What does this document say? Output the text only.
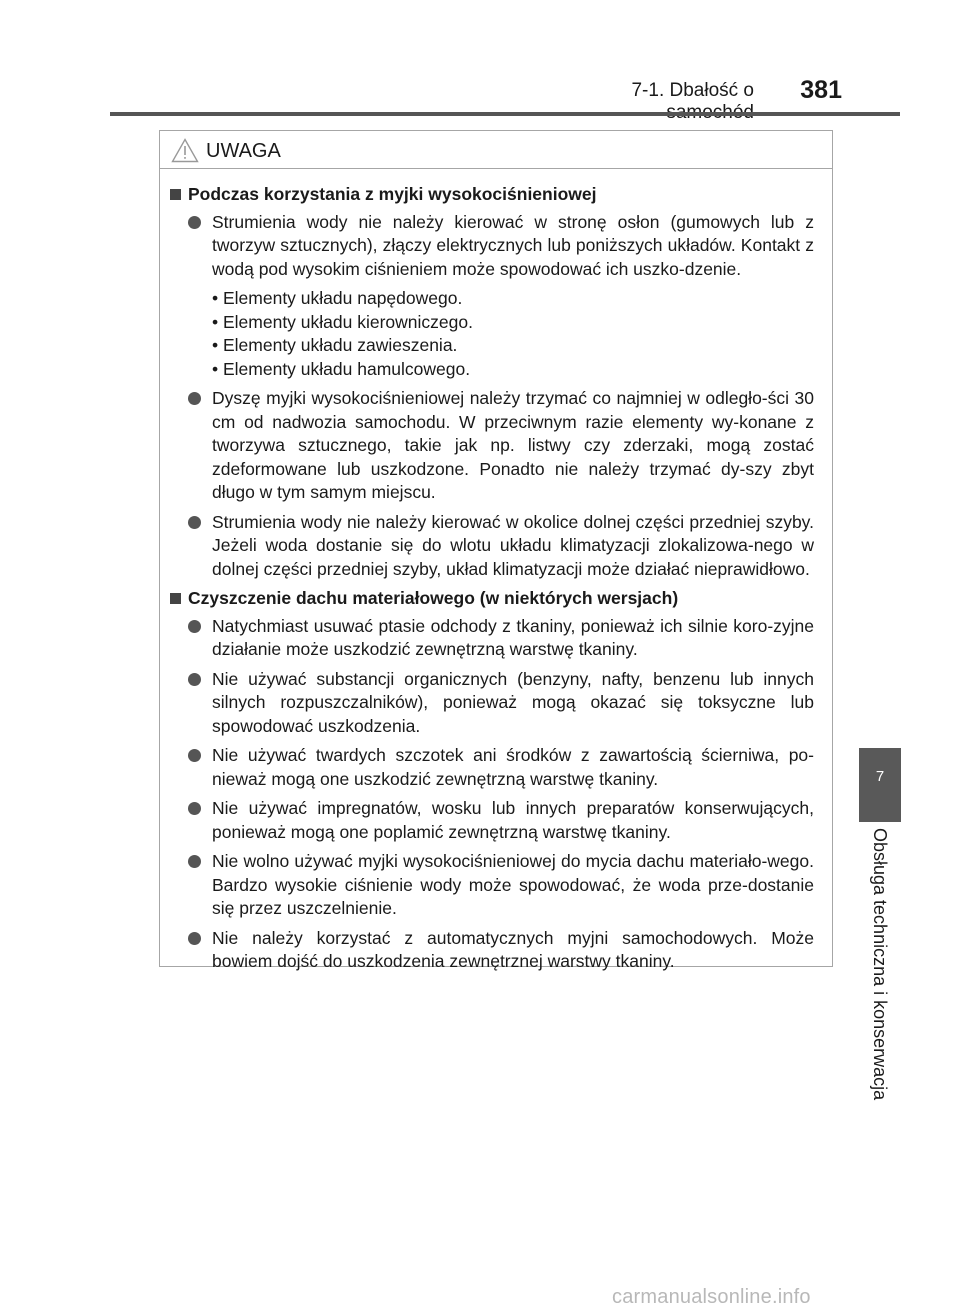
7-1. Dbałość o	381
7
Obsługa techniczna i konserwacja
UWAGA
Podczas korzystania z myjki wysokociśnieniowej
Strumienia wody nie należy kierować w stronę osłon (gumowych lub z tworzyw sztucznych), złączy elektrycznych lub poniższych układów. Kontakt z wodą pod wysokim ciśnieniem może spowodować ich uszko-dzenie.
• Elementy układu napędowego.
• Elementy układu kierowniczego.
• Elementy układu zawieszenia.
• Elementy układu hamulcowego.
Dyszę myjki wysokociśnieniowej należy trzymać co najmniej w odległo-ści 30 cm od nadwozia samochodu. W przeciwnym razie elementy wy-konane z tworzywa sztucznego, takie jak np. listwy czy zderzaki, mogą zostać zdeformowane lub uszkodzone. Ponadto nie należy trzymać dy-szy zbyt długo w tym samym miejscu.
Strumienia wody nie należy kierować w okolice dolnej części przedniej szyby. Jeżeli woda dostanie się do wlotu układu klimatyzacji zlokalizowa-nego w dolnej części przedniej szyby, układ klimatyzacji może działać nieprawidłowo.
Czyszczenie dachu materiałowego (w niektórych wersjach)
Natychmiast usuwać ptasie odchody z tkaniny, ponieważ ich silnie koro-zyjne działanie może uszkodzić zewnętrzną warstwę tkaniny.
Nie używać substancji organicznych (benzyny, nafty, benzenu lub innych silnych rozpuszczalników), ponieważ mogą okazać się toksyczne lub spowodować uszkodzenia.
Nie używać twardych szczotek ani środków z zawartością ścierniwa, po-nieważ mogą one uszkodzić zewnętrzną warstwę tkaniny.
Nie używać impregnatów, wosku lub innych preparatów konserwujących, ponieważ mogą one poplamić zewnętrzną warstwę tkaniny.
Nie wolno używać myjki wysokociśnieniowej do mycia dachu materiało-wego. Bardzo wysokie ciśnienie wody może spowodować, że woda prze-dostanie się przez uszczelnienie.
Nie należy korzystać z automatycznych myjni samochodowych. Może bowiem dojść do uszkodzenia zewnętrznej warstwy tkaniny.
carmanualsonline.info
